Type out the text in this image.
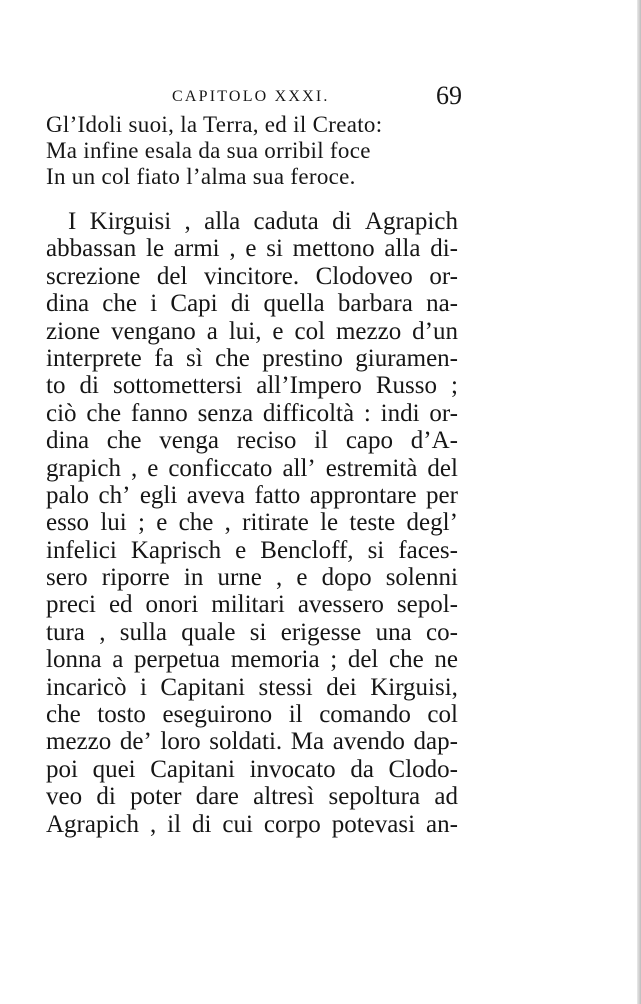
CAPITOLO XXXI.	69
Gl’Idoli suoi, la Terra, ed il Creato:
Ma infine esala da sua orribil foce
In un col fiato l’alma sua feroce.
I Kirguisi , alla caduta di Agrapich
abbassan le armi , e si mettono alla di-
screzione del vincitore. Clodoveo or-
dina che i Capi di quella barbara na-
zione vengano a lui, e col mezzo d’un
interprete fa sì che prestino giuramen-
to di sottomettersi all’Impero Russo ;
ciò che fanno senza difficoltà : indi or-
dina che venga reciso il capo d’A-
grapich , e conficcato all’ estremità del
palo ch’ egli aveva fatto approntare per
esso lui ; e che , ritirate le teste degl’
infelici Kaprisch e Bencloff, si faces-
sero riporre in urne , e dopo solenni
preci ed onori militari avessero sepol-
tura , sulla quale si erigesse una co-
lonna a perpetua memoria ; del che ne
incaricò i Capitani stessi dei Kirguisi,
che tosto eseguirono il comando col
mezzo de’ loro soldati. Ma avendo dap-
poi quei Capitani invocato da Clodo-
veo di poter dare altresì sepoltura ad
Agrapich , il di cui corpo potevasi an-
